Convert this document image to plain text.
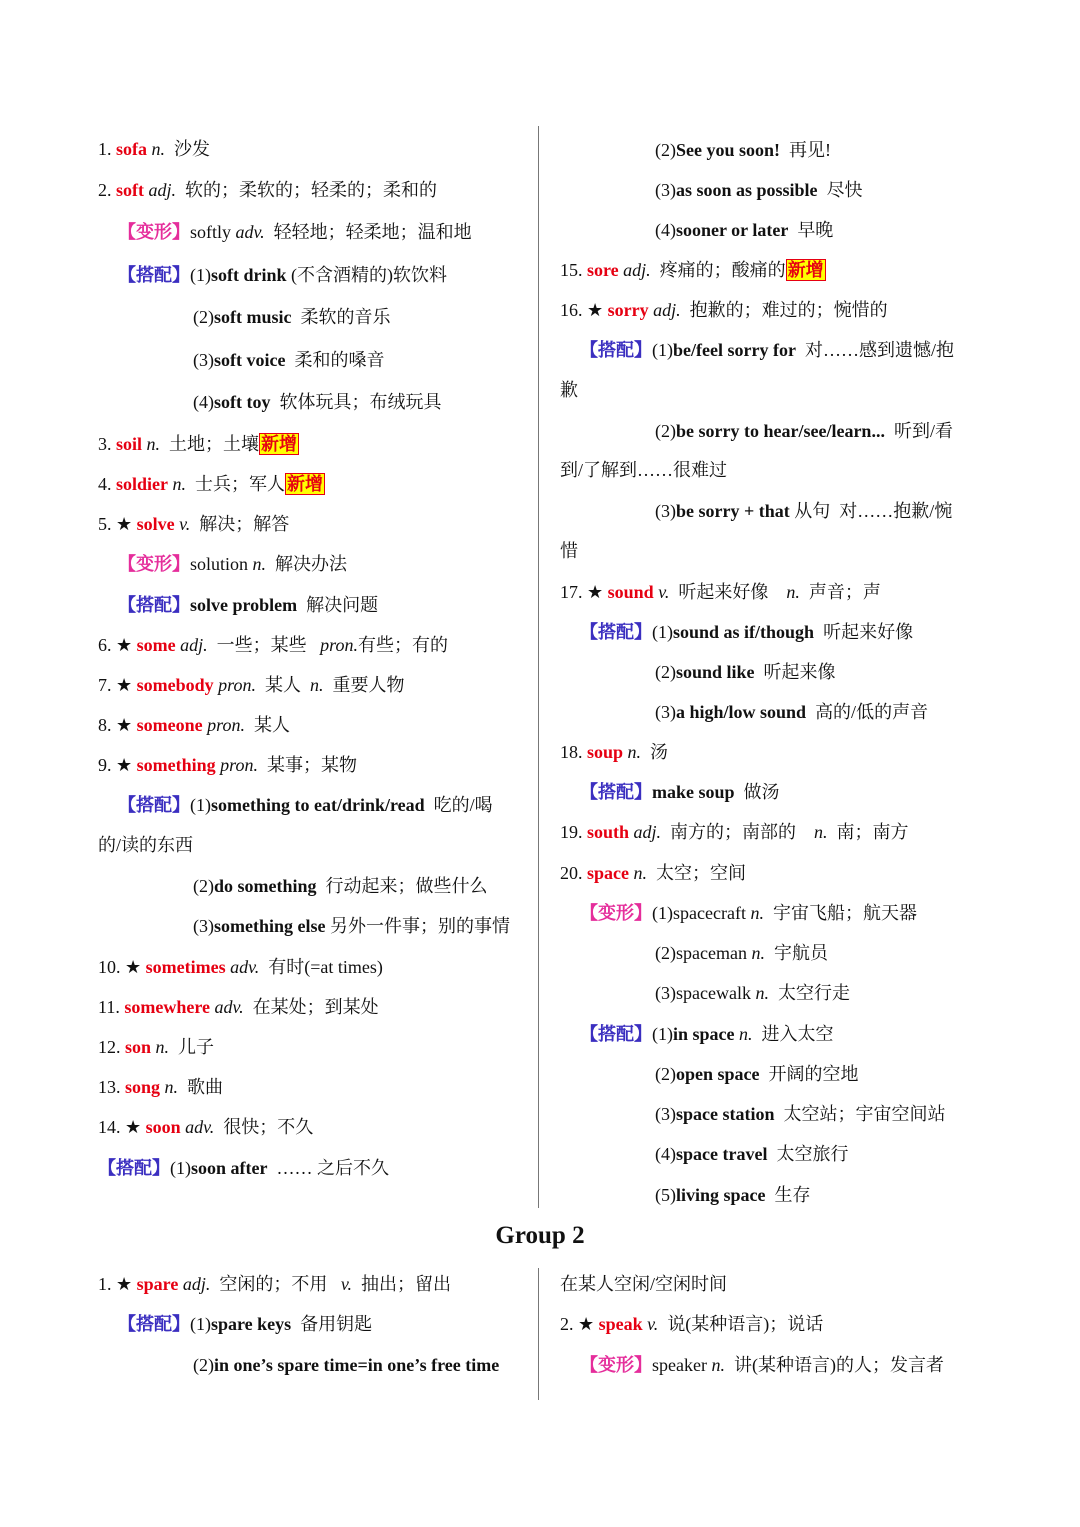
1. sofa n. 沙发
2. soft adj. 软的；柔软的；轻柔的；柔和的
【变形】softly adv. 轻轻地；轻柔地；温和地
【搭配】(1)soft drink (不含酒精的)软饮料
(2)soft music 柔软的音乐
(3)soft voice 柔和的嗓音
(4)soft toy 软体玩具；布绒玩具
3. soil n. 土地；土壤 新增
4. soldier n. 士兵；军人 新增
5. ★ solve v. 解决；解答
【变形】solution n. 解决办法
【搭配】solve problem 解决问题
6. ★ some adj. 一些；某些 pron.有些；有的
7. ★ somebody pron. 某人 n. 重要人物
8. ★ someone pron. 某人
9. ★ something pron. 某事；某物
【搭配】(1)something to eat/drink/read 吃的/喝
的/读的东西
(2)do something 行动起来；做些什么
(3)something else 另外一件事；别的事情
10. ★ sometimes adv. 有时(=at times)
11. somewhere adv. 在某处；到某处
12. son n. 儿子
13. song n. 歌曲
14. ★ soon adv. 很快；不久
【搭配】(1)soon after …… 之后不久
(2)See you soon! 再见!
(3)as soon as possible 尽快
(4)sooner or later 早晚
15. sore adj. 疼痛的；酸痛的 新增
16. ★ sorry adj. 抱歉的；难过的；惋惜的
【搭配】(1)be/feel sorry for 对……感到遗憾/抱
歉
(2)be sorry to hear/see/learn... 听到/看
到/了解到……很难过
(3)be sorry + that 从句 对……抱歉/惋
惜
17. ★ sound v. 听起来好像 n. 声音；声
【搭配】(1)sound as if/though 听起来好像
(2)sound like 听起来像
(3)a high/low sound 高的/低的声音
18. soup n. 汤
【搭配】make soup 做汤
19. south adj. 南方的；南部的 n. 南；南方
20. space n. 太空；空间
【变形】(1)spacecraft n. 宇宙飞船；航天器
(2)spaceman n. 宇航员
(3)spacewalk n. 太空行走
【搭配】(1)in space n. 进入太空
(2)open space 开阔的空地
(3)space station 太空站；宇宙空间站
(4)space travel 太空旅行
(5)living space 生存
Group 2
1. ★ spare adj. 空闲的；不用 v. 抽出；留出
【搭配】(1)spare keys 备用钥匙
(2)in one’s spare time=in one’s free time
在某人空闲/空闲时间
2. ★ speak v. 说(某种语言)；说话
【变形】speaker n. 讲(某种语言)的人；发言者
